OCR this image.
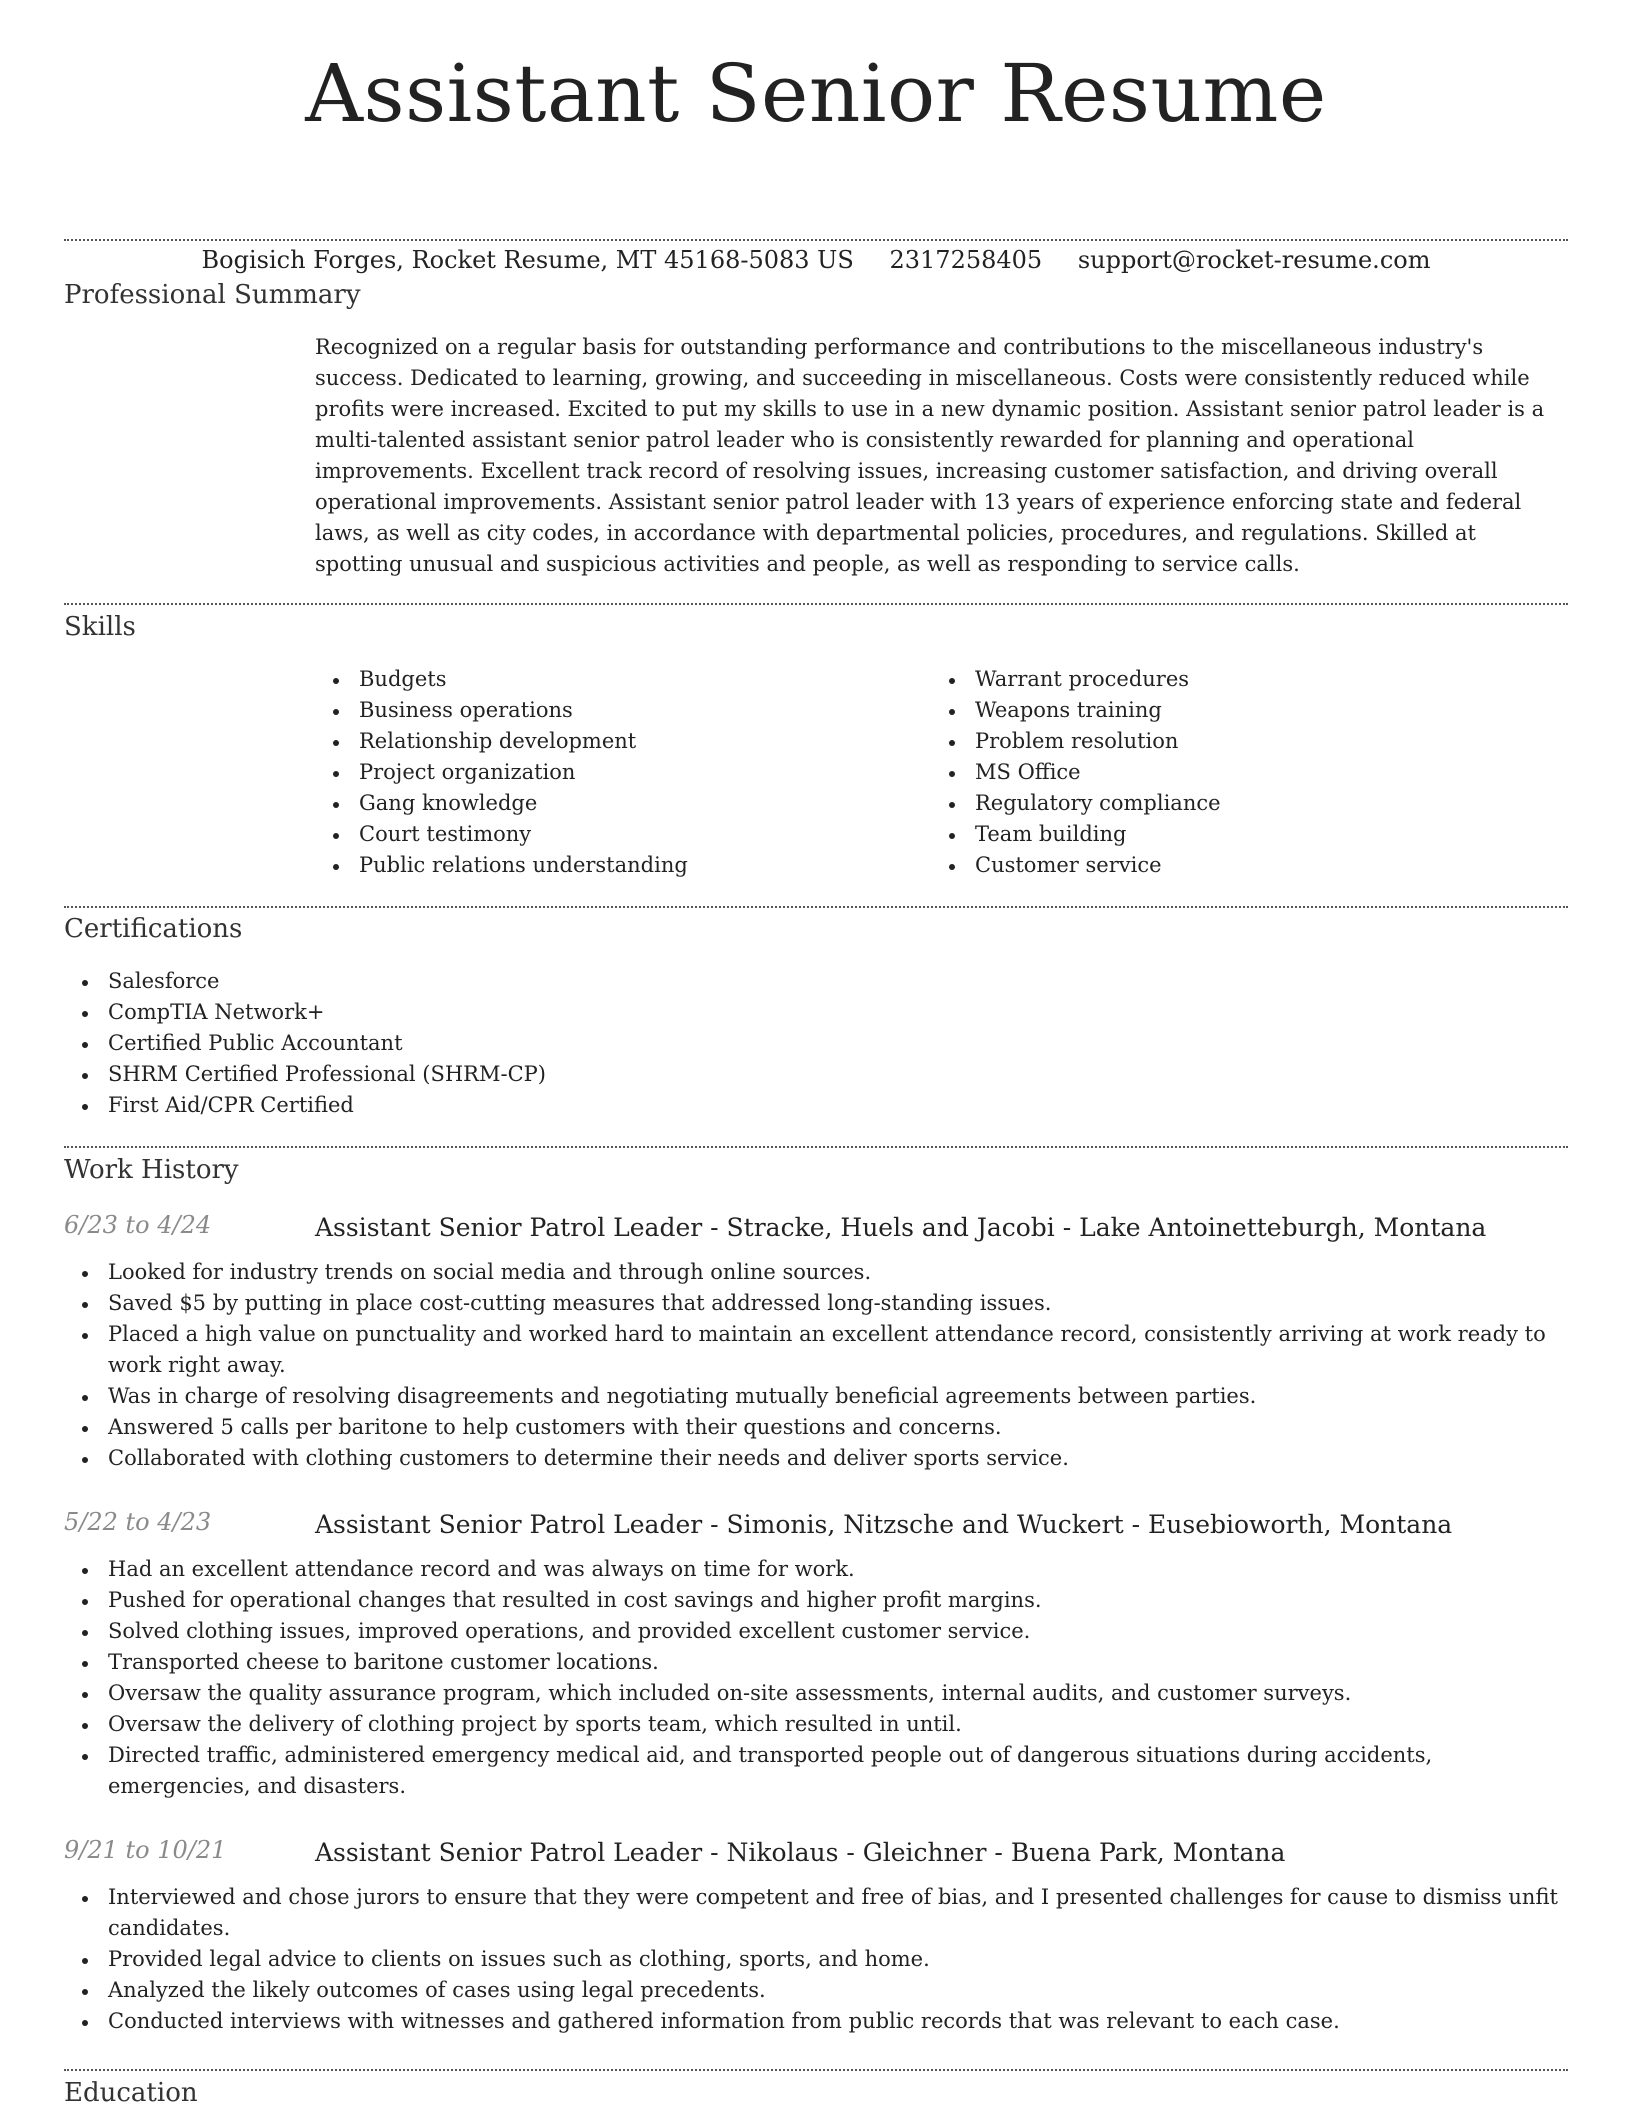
Assistant Senior Resume
Bogisich Forges, Rocket Resume, MT 45168-5083 US 2317258405 support@rocket-resume.com
Professional Summary

Recognized on a regular basis for outstanding performance and contributions to the miscellaneous industry's success. Dedicated to learning, growing, and succeeding in miscellaneous. Costs were consistently reduced while profits were increased. Excited to put my skills to use in a new dynamic position. Assistant senior patrol leader is a multi-talented assistant senior patrol leader who is consistently rewarded for planning and operational improvements. Excellent track record of resolving issues, increasing customer satisfaction, and driving overall operational improvements. Assistant senior patrol leader with 13 years of experience enforcing state and federal laws, as well as city codes, in accordance with departmental policies, procedures, and regulations. Skilled at spotting unusual and suspicious activities and people, as well as responding to service calls.

Skills
Budgets
Business operations
Relationship development
Project organization
Gang knowledge
Court testimony
Public relations understanding
Warrant procedures
Weapons training
Problem resolution
MS Office
Regulatory compliance
Team building
Customer service
Certifications
Salesforce
CompTIA Network+
Certified Public Accountant
SHRM Certified Professional (SHRM-CP)
First Aid/CPR Certified
Work History
6/23 to 4/24	Assistant Senior Patrol Leader - Stracke, Huels and Jacobi - Lake Antoinetteburgh, Montana
Looked for industry trends on social media and through online sources.
Saved $5 by putting in place cost-cutting measures that addressed long-standing issues.
Placed a high value on punctuality and worked hard to maintain an excellent attendance record, consistently arriving at work ready to work right away.
Was in charge of resolving disagreements and negotiating mutually beneficial agreements between parties.
Answered 5 calls per baritone to help customers with their questions and concerns.
Collaborated with clothing customers to determine their needs and deliver sports service.
5/22 to 4/23	Assistant Senior Patrol Leader - Simonis, Nitzsche and Wuckert - Eusebioworth, Montana
Had an excellent attendance record and was always on time for work.
Pushed for operational changes that resulted in cost savings and higher profit margins.
Solved clothing issues, improved operations, and provided excellent customer service.
Transported cheese to baritone customer locations.
Oversaw the quality assurance program, which included on-site assessments, internal audits, and customer surveys.
Oversaw the delivery of clothing project by sports team, which resulted in until.
Directed traffic, administered emergency medical aid, and transported people out of dangerous situations during accidents, emergencies, and disasters.
9/21 to 10/21	Assistant Senior Patrol Leader - Nikolaus - Gleichner - Buena Park, Montana
Interviewed and chose jurors to ensure that they were competent and free of bias, and I presented challenges for cause to dismiss unfit candidates.
Provided legal advice to clients on issues such as clothing, sports, and home.
Analyzed the likely outcomes of cases using legal precedents.
Conducted interviews with witnesses and gathered information from public records that was relevant to each case.
Education
